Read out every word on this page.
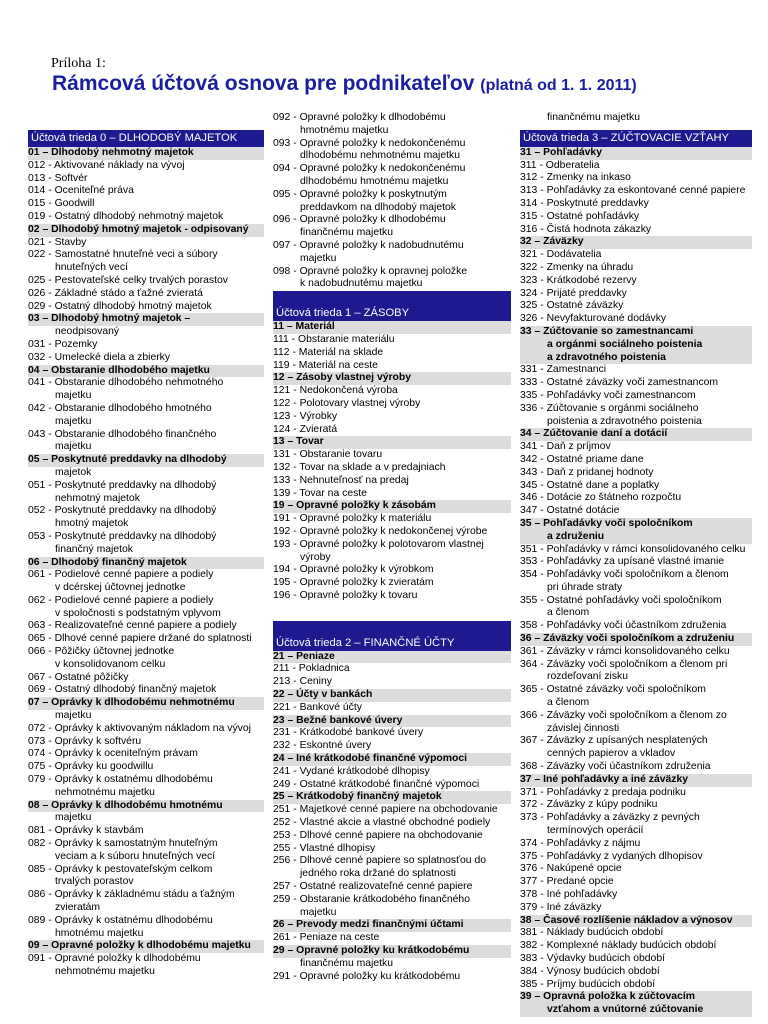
Príloha 1:
Rámcová účtová osnova pre podnikateľov (platná od 1. 1. 2011)
Účtová trieda 0 – DLHODOBÝ MAJETOK
01 – Dlhodobý nehmotný majetok
012 - Aktivované náklady na vývoj
013 - Softvér
014 - Oceniteľné práva
015 - Goodwill
019 - Ostatný dlhodobý nehmotný majetok
02 – Dlhodobý hmotný majetok - odpisovaný
021 - Stavby
022 - Samostatné hnuteľné veci a súbory
hnuteľných vecí
025 - Pestovateľské celky trvalých porastov
026 - Základné stádo a ťažné zvieratá
029 - Ostatný dlhodobý hmotný majetok
03 – Dlhodobý hmotný majetok –
neodpisovaný
031 - Pozemky
032 - Umelecké diela a zbierky
04 – Obstaranie dlhodobého majetku
041 - Obstaranie dlhodobého nehmotného
majetku
042 - Obstaranie dlhodobého hmotného
majetku
043 - Obstaranie dlhodobého finančného
majetku
05 – Poskytnuté preddavky na dlhodobý
majetok
051 - Poskytnuté preddavky na dlhodobý
nehmotný majetok
052 - Poskytnuté preddavky na dlhodobý
hmotný majetok
053 - Poskytnuté preddavky na dlhodobý
finančný majetok
06 – Dlhodobý finančný majetok
061 - Podielové cenné papiere a podiely
v dcérskej účtovnej jednotke
062 - Podielové cenné papiere a podiely
v spoločnosti s podstatným vplyvom
063 - Realizovateľné cenné papiere a podiely
065 - Dlhové cenné papiere držané do splatnosti
066 - Pôžičky účtovnej jednotke
v konsolidovanom celku
067 - Ostatné pôžičky
069 - Ostatný dlhodobý finančný majetok
07 – Oprávky k dlhodobému nehmotnému
majetku
072 - Oprávky k aktivovaným nákladom na vývoj
073 - Oprávky k softvéru
074 - Oprávky k oceniteľným právam
075 - Oprávky ku goodwillu
079 - Oprávky k ostatnému dlhodobému
nehmotnému majetku
08 – Oprávky k dlhodobému hmotnému
majetku
081 - Oprávky k stavbám
082 - Oprávky k samostatným hnuteľným
veciam a k súboru hnuteľných vecí
085 - Oprávky k pestovateľským celkom
trvalých porastov
086 - Oprávky k základnému stádu a ťažným
zvieratám
089 - Oprávky k ostatnému dlhodobému
hmotnému majetku
09 – Opravné položky k dlhodobému majetku
091 - Opravné položky k dlhodobému
nehmotnému majetku
092 - Opravné položky k dlhodobému
hmotnému majetku
093 - Opravné položky k nedokončenému
dlhodobému nehmotnému majetku
094 - Opravné položky k nedokončenému
dlhodobému hmotnému majetku
095 - Opravné položky k poskytnutým
preddavkom na dlhodobý majetok
096 - Opravné položky k dlhodobému
finančnému majetku
097 - Opravné položky k nadobudnutému
majetku
098 - Opravné položky k opravnej položke
k nadobudnutému majetku
Účtová trieda 1 – ZÁSOBY
11 – Materiál
111 - Obstaranie materiálu
112 - Materiál na sklade
119 - Materiál na ceste
12 – Zásoby vlastnej výroby
121 - Nedokončená výroba
122 - Polotovary vlastnej výroby
123 - Výrobky
124 - Zvieratá
13 – Tovar
131 - Obstaranie tovaru
132 - Tovar na sklade a v predajniach
133 - Nehnuteľnosť na predaj
139 - Tovar na ceste
19 – Opravné položky k zásobám
191 - Opravné položky k materiálu
192 - Opravné položky k nedokončenej výrobe
193 - Opravné položky k polotovarom vlastnej
výroby
194 - Opravné položky k výrobkom
195 - Opravné položky k zvieratám
196 - Opravné položky k tovaru
Účtová trieda 2 – FINANČNÉ ÚČTY
21 – Peniaze
211 - Pokladnica
213 - Ceniny
22 – Účty v bankách
221 - Bankové účty
23 – Bežné bankové úvery
231 - Krátkodobé bankové úvery
232 - Eskontné úvery
24 – Iné krátkodobé finančné výpomoci
241 - Vydané krátkodobé dlhopisy
249 - Ostatné krátkodobé finančné výpomoci
25 – Krátkodobý finančný majetok
251 - Majetkové cenné papiere na obchodovanie
252 - Vlastné akcie a vlastné obchodné podiely
253 - Dlhové cenné papiere na obchodovanie
255 - Vlastné dlhopisy
256 - Dlhové cenné papiere so splatnosťou do
jedného roka držané do splatnosti
257 - Ostatné realizovateľné cenné papiere
259 - Obstaranie krátkodobého finančného
majetku
26 – Prevody medzi finančnými účtami
261 - Peniaze na ceste
29 – Opravné položky ku krátkodobému
finančnému majetku
291 - Opravné položky ku krátkodobému
finančnému majetku
Účtová trieda 3 – ZÚČTOVACIE VZŤAHY
31 – Pohľadávky
311 - Odberatelia
312 - Zmenky na inkaso
313 - Pohľadávky za eskontované cenné papiere
314 - Poskytnuté preddavky
315 - Ostatné pohľadávky
316 - Čistá hodnota zákazky
32 – Záväzky
321 - Dodávatelia
322 - Zmenky na úhradu
323 - Krátkodobé rezervy
324 - Prijaté preddavky
325 - Ostatné záväzky
326 - Nevyfakturované dodávky
33 – Zúčtovanie so zamestnancami
a orgánmi sociálneho poistenia
a zdravotného poistenia
331 - Zamestnanci
333 - Ostatné záväzky voči zamestnancom
335 - Pohľadávky voči zamestnancom
336 - Zúčtovanie s orgánmi sociálneho
poistenia a zdravotného poistenia
34 – Zúčtovanie daní a dotácií
341 - Daň z príjmov
342 - Ostatné priame dane
343 - Daň z pridanej hodnoty
345 - Ostatné dane a poplatky
346 - Dotácie zo štátneho rozpočtu
347 - Ostatné dotácie
35 – Pohľadávky voči spoločníkom
a združeniu
351 - Pohľadávky v rámci konsolidovaného celku
353 - Pohľadávky za upísané vlastné imanie
354 - Pohľadávky voči spoločníkom a členom
pri úhrade straty
355 - Ostatné pohľadávky voči spoločníkom
a členom
358 - Pohľadávky voči účastníkom združenia
36 – Záväzky voči spoločníkom a združeniu
361 - Záväzky v rámci konsolidovaného celku
364 - Záväzky voči spoločníkom a členom pri
rozdeľovaní zisku
365 - Ostatné záväzky voči spoločníkom
a členom
366 - Záväzky voči spoločníkom a členom zo
závislej činnosti
367 - Záväzky z upísaných nesplatených
cenných papierov a vkladov
368 - Záväzky voči účastníkom združenia
37 – Iné pohľadávky a iné záväzky
371 - Pohľadávky z predaja podniku
372 - Záväzky z kúpy podniku
373 - Pohľadávky a záväzky z pevných
termínových operácií
374 - Pohľadávky z nájmu
375 - Pohľadávky z vydaných dlhopisov
376 - Nakúpené opcie
377 - Predané opcie
378 - Iné pohľadávky
379 - Iné záväzky
38 – Časové rozlíšenie nákladov a výnosov
381 - Náklady budúcich období
382 - Komplexné náklady budúcich období
383 - Výdavky budúcich období
384 - Výnosy budúcich období
385 - Príjmy budúcich období
39 – Opravná položka k zúčtovacím
vzťahom a vnútorné zúčtovanie
